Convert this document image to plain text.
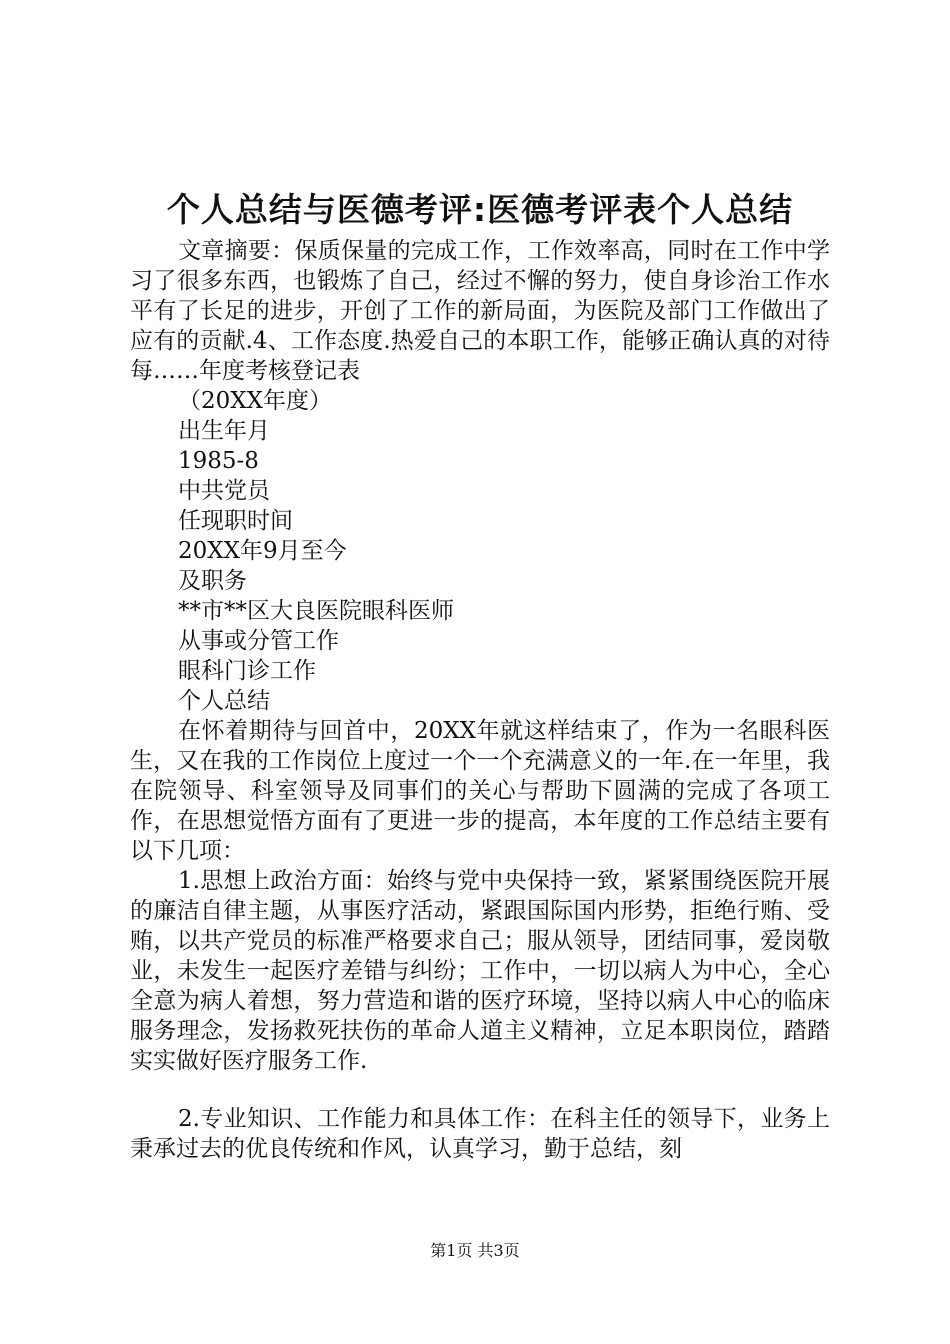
个人总结与医德考评:医德考评表个人总结

文章摘要：保质保量的完成工作，工作效率高，同时在工作中学习了很多东西，也锻炼了自己，经过不懈的努力，使自身诊治工作水平有了长足的进步，开创了工作的新局面，为医院及部门工作做出了应有的贡献.4、工作态度.热爱自己的本职工作，能够正确认真的对待每……年度考核登记表

（20XX年度）

出生年月

1985-8

中共党员

任现职时间

20XX年9月至今

及职务

**市**区大良医院眼科医师

从事或分管工作

眼科门诊工作

个人总结

在怀着期待与回首中，20XX年就这样结束了，作为一名眼科医生，又在我的工作岗位上度过一个一个充满意义的一年.在一年里，我在院领导、科室领导及同事们的关心与帮助下圆满的完成了各项工作，在思想觉悟方面有了更进一步的提高，本年度的工作总结主要有以下几项：

1.思想上政治方面：始终与党中央保持一致，紧紧围绕医院开展的廉洁自律主题，从事医疗活动，紧跟国际国内形势，拒绝行贿、受贿，以共产党员的标准严格要求自己；服从领导，团结同事，爱岗敬业，未发生一起医疗差错与纠纷；工作中，一切以病人为中心，全心全意为病人着想，努力营造和谐的医疗环境，坚持以病人中心的临床服务理念，发扬救死扶伤的革命人道主义精神，立足本职岗位，踏踏实实做好医疗服务工作.

2.专业知识、工作能力和具体工作：在科主任的领导下，业务上秉承过去的优良传统和作风，认真学习，勤于总结，刻

第1页 共3页
